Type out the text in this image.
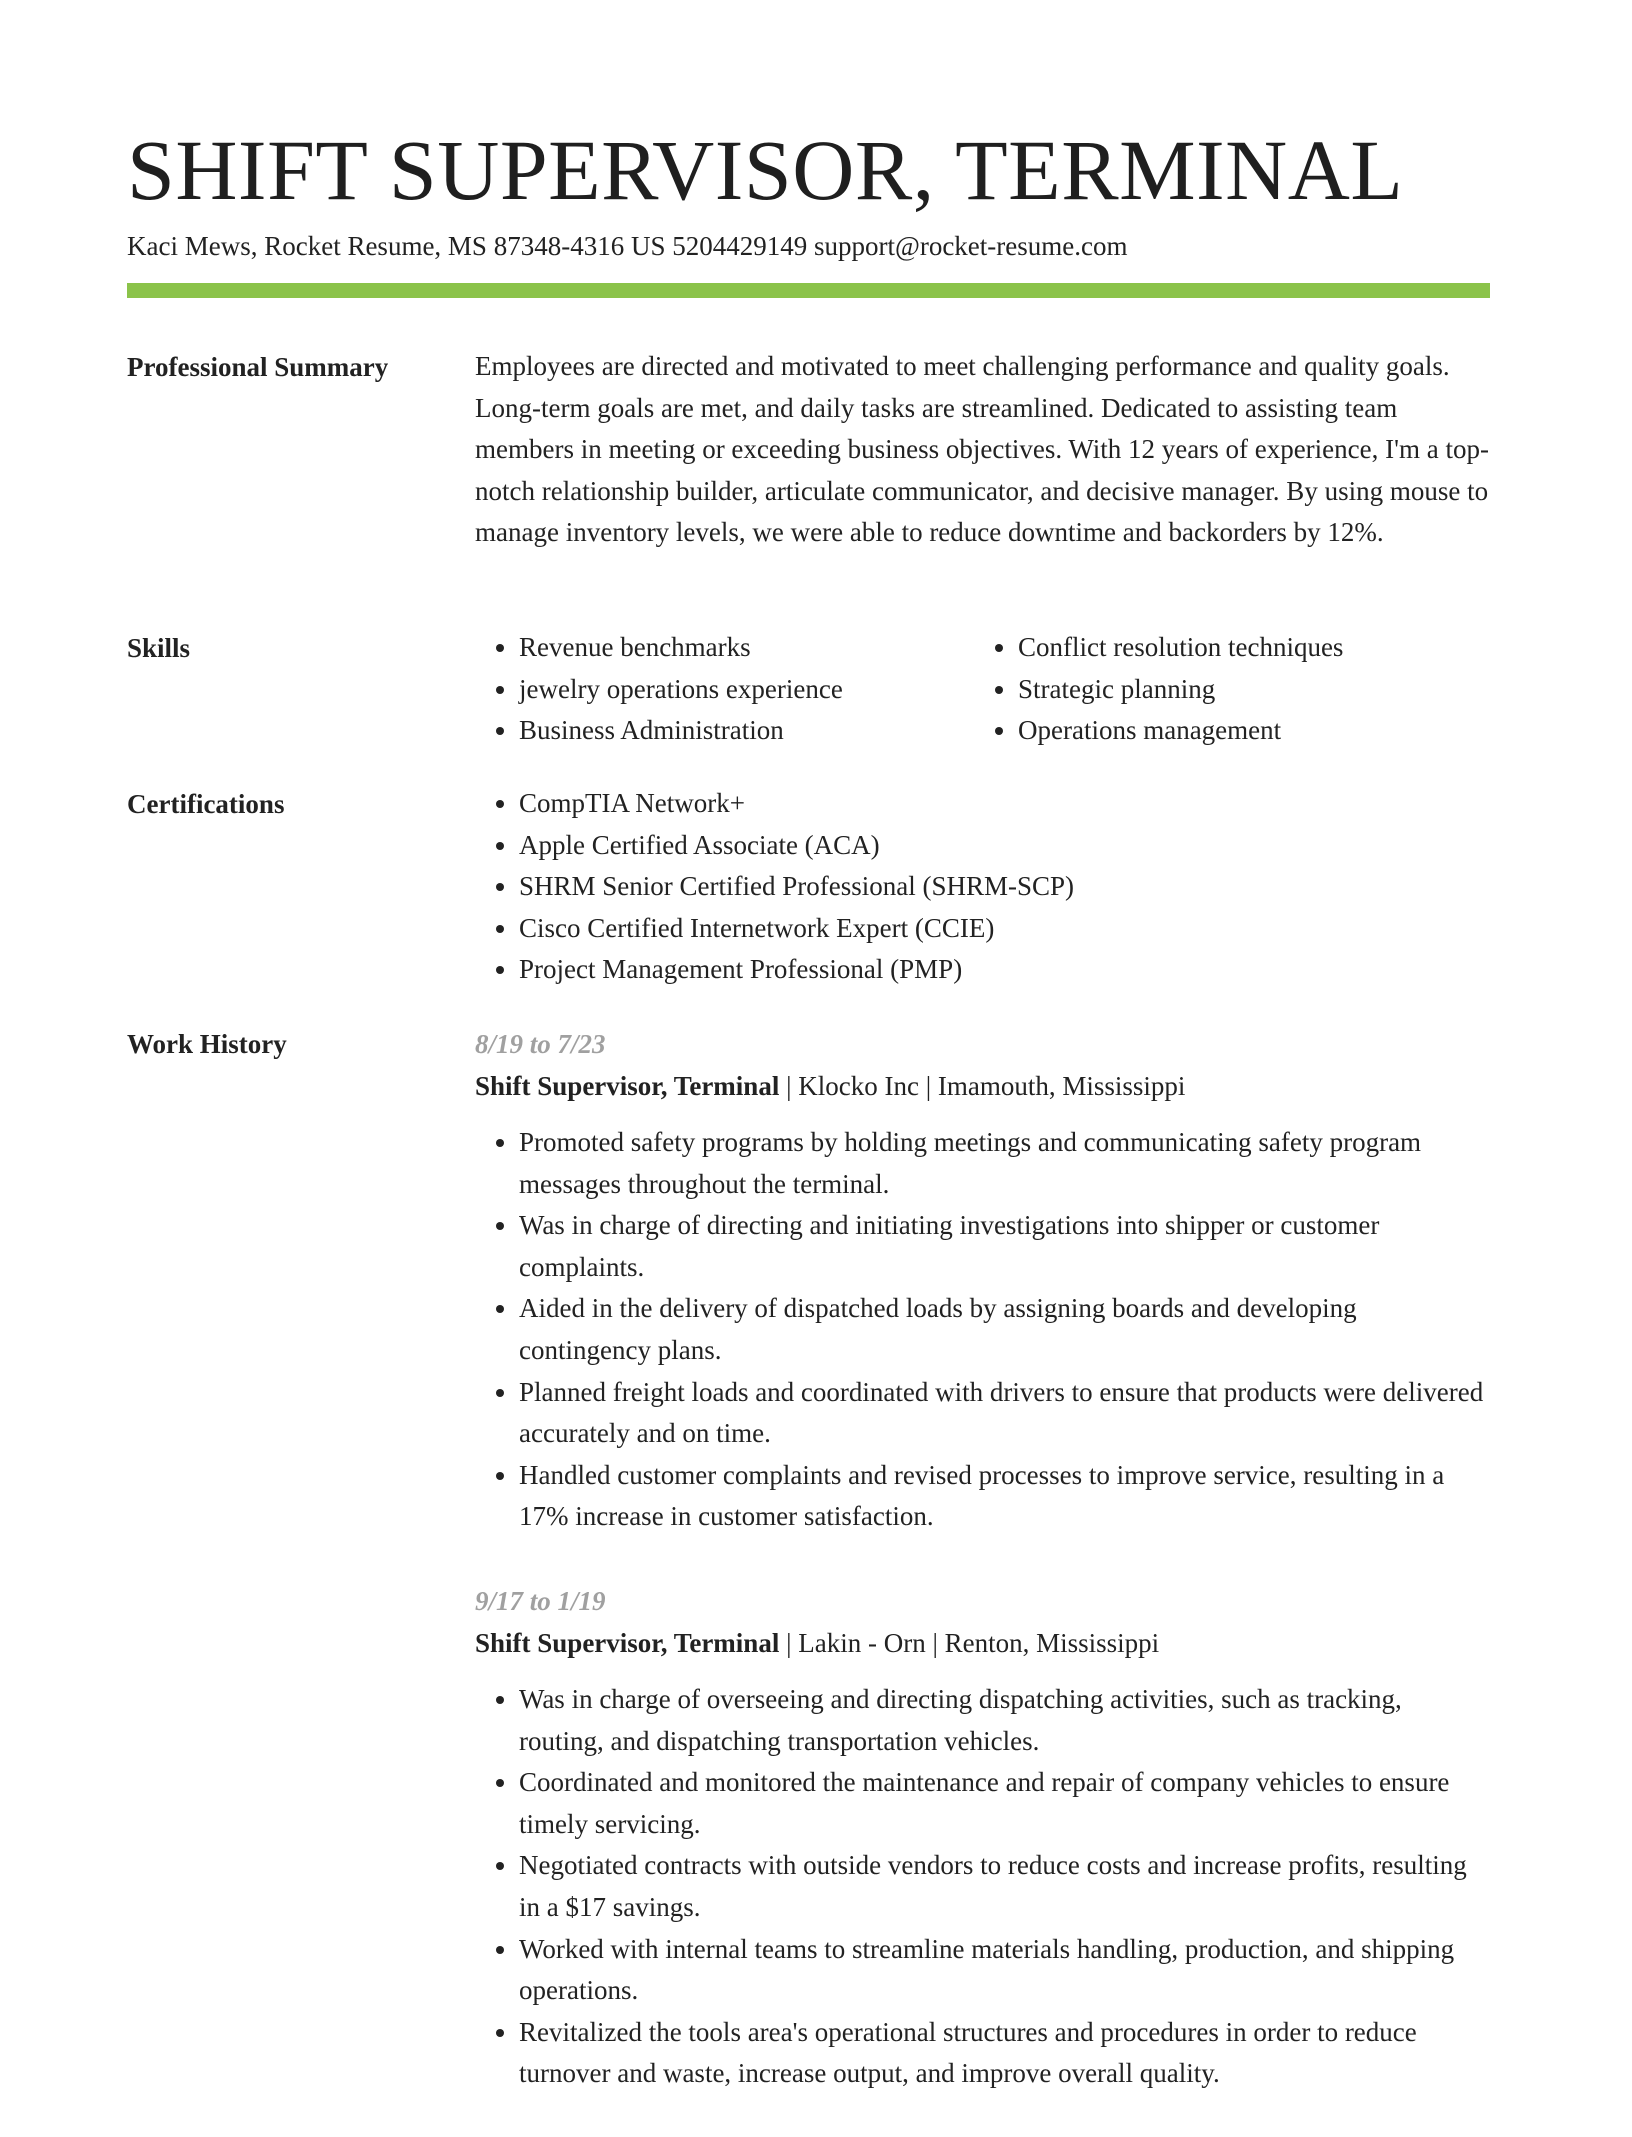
SHIFT SUPERVISOR, TERMINAL
Kaci Mews, Rocket Resume, MS 87348-4316 US 5204429149 support@rocket-resume.com
Professional Summary	Employees are directed and motivated to meet challenging performance and quality goals. Long-term goals are met, and daily tasks are streamlined. Dedicated to assisting team members in meeting or exceeding business objectives. With 12 years of experience, I'm a top-notch relationship builder, articulate communicator, and decisive manager. By using mouse to manage inventory levels, we were able to reduce downtime and backorders by 12%.

Skills	• Revenue benchmarks
• jewelry operations experience
• Business Administration
• Conflict resolution techniques
• Strategic planning
• Operations management
Certifications	• CompTIA Network+
• Apple Certified Associate (ACA)
• SHRM Senior Certified Professional (SHRM-SCP)
• Cisco Certified Internetwork Expert (CCIE)
• Project Management Professional (PMP)
Work History	8/19 to 7/23
Shift Supervisor, Terminal | Klocko Inc | Imamouth, Mississippi
• Promoted safety programs by holding meetings and communicating safety program messages throughout the terminal.
• Was in charge of directing and initiating investigations into shipper or customer complaints.
• Aided in the delivery of dispatched loads by assigning boards and developing contingency plans.
• Planned freight loads and coordinated with drivers to ensure that products were delivered accurately and on time.
• Handled customer complaints and revised processes to improve service, resulting in a 17% increase in customer satisfaction.
9/17 to 1/19
Shift Supervisor, Terminal | Lakin - Orn | Renton, Mississippi
• Was in charge of overseeing and directing dispatching activities, such as tracking, routing, and dispatching transportation vehicles.
• Coordinated and monitored the maintenance and repair of company vehicles to ensure timely servicing.
• Negotiated contracts with outside vendors to reduce costs and increase profits, resulting in a $17 savings.
• Worked with internal teams to streamline materials handling, production, and shipping operations.
• Revitalized the tools area's operational structures and procedures in order to reduce turnover and waste, increase output, and improve overall quality.
